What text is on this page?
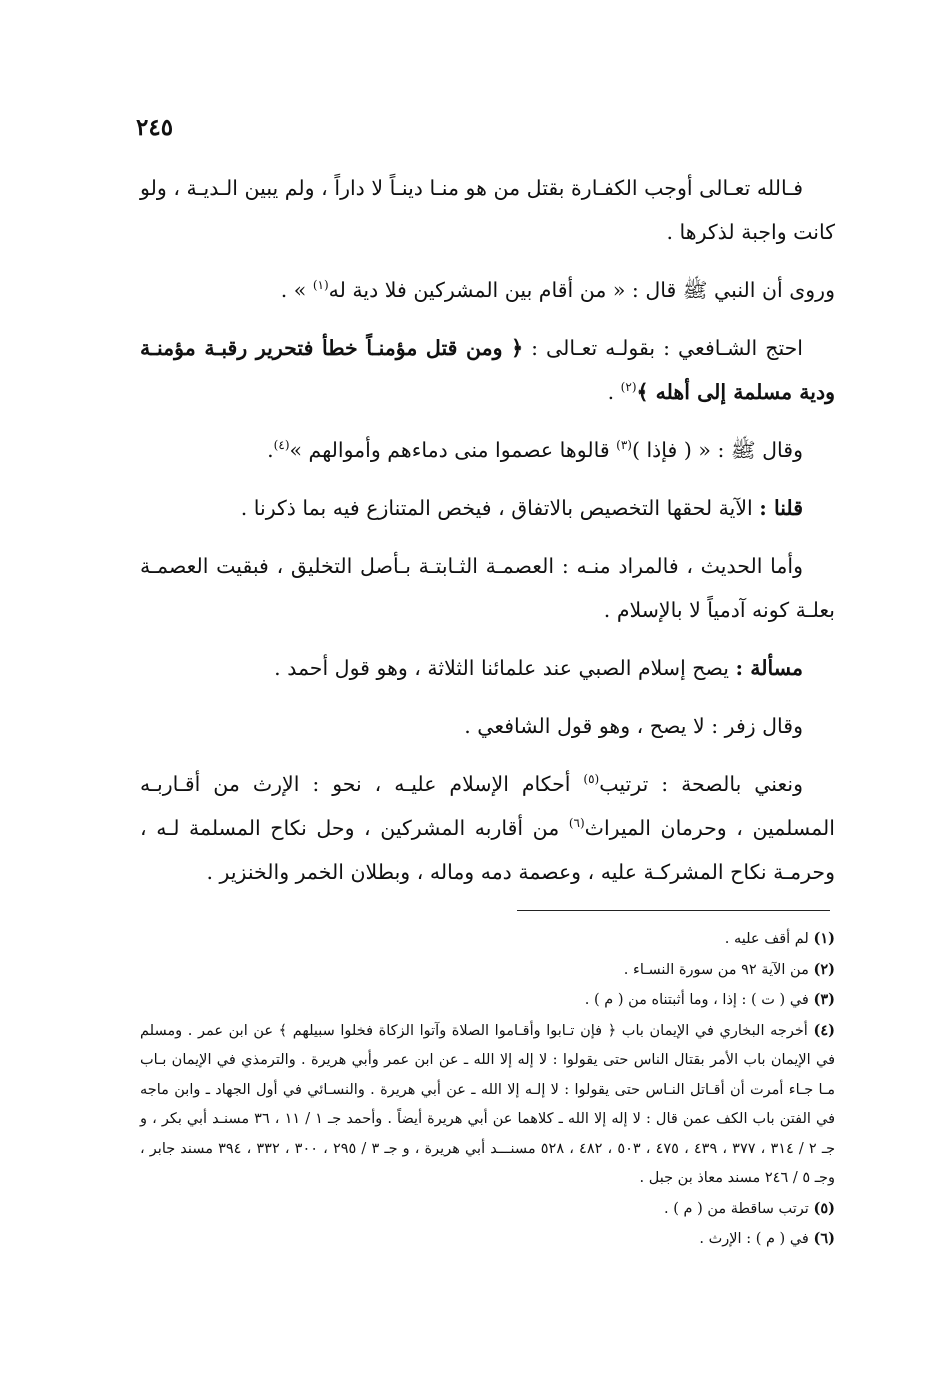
٢٤٥

فـالله تعـالى أوجب الكفـارة بقتل من هو منـا دينـاً لا داراً ، ولم يبين الـديـة ، ولو كانت واجبة لذكرها .

وروى أن النبي ﷺ قال : « من أقام بين المشركين فلا دية له$^{(١)}$ » .

احتج الشـافعي : بقولـه تعـالى : ﴿ ومن قتل مؤمنـاً خطأ فتحرير رقبـة مؤمنـة ودية مسلمة إلى أهله ﴾$^{(٢)}$ .

وقال ﷺ : « ( فإذا )$^{(٣)}$ قالوها عصموا منى دماءهم وأموالهم »$^{(٤)}$.

قلنا : الآية لحقها التخصيص بالاتفاق ، فيخص المتنازع فيه بما ذكرنا .

وأما الحديث ، فالمراد منـه : العصمـة الثـابتـة بـأصل التخليق ، فبقيت العصمـة بعلـة كونه آدمياً لا بالإسلام .

مسألة : يصح إسلام الصبي عند علمائنا الثلاثة ، وهو قول أحمد .

وقال زفر : لا يصح ، وهو قول الشافعي .

ونعني بالصحة : ترتيب$^{(٥)}$ أحكام الإسلام عليـه ، نحو : الإرث من أقـاربـه المسلمين ، وحرمان الميراث$^{(٦)}$ من أقاربه المشركين ، وحل نكاح المسلمة لـه ، وحرمـة نكاح المشركـة عليه ، وعصمة دمه وماله ، وبطلان الخمر والخنزير .

(١) لم أقف عليه .

(٢) من الآية ٩٢ من سورة النسـاء .

(٣) في ( ت ) : إذا ، وما أثبتناه من ( م ) .

(٤) أخرجه البخاري في الإيمان باب ﴿ فإن تـابوا وأقـاموا الصلاة وآتوا الزكاة فخلوا سبيلهم ﴾ عن ابن عمر . ومسلم في الإيمان باب الأمر بقتال الناس حتى يقولوا : لا إله إلا الله ـ عن ابن عمر وأبي هريرة . والترمذي في الإيمان بـاب مـا جـاء أمرت أن أقـاتل النـاس حتى يقولوا : لا إلـه إلا الله ـ عن أبي هريرة . والنسـائي في أول الجهاد ـ وابن ماجه في الفتن باب الكف عمن قال : لا إله إلا الله ـ كلاهما عن أبي هريرة أيضاً . وأحمد جـ ١ / ١١ ، ٣٦ مسنـد أبي بكر ، و جـ ٢ / ٣١٤ ، ٣٧٧ ، ٤٣٩ ، ٤٧٥ ، ٥٠٣ ، ٤٨٢ ، ٥٢٨ مسنـــد أبي هريرة ، و جـ ٣ / ٢٩٥ ، ٣٠٠ ، ٣٣٢ ، ٣٩٤ مسند جابر ، وجـ ٥ / ٢٤٦ مسند معاذ بن جبل .

(٥) ترتب ساقطة من ( م ) .

(٦) في ( م ) : الإرث .
